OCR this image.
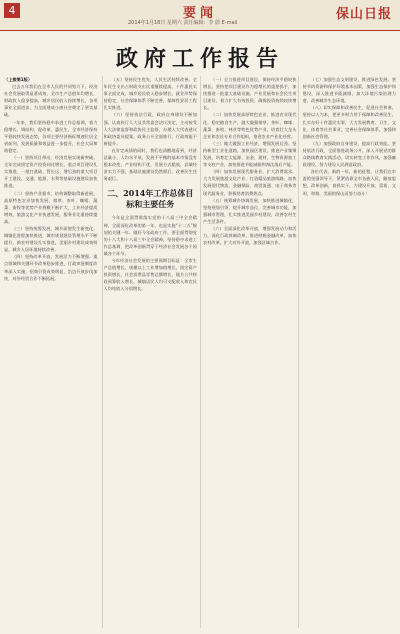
4	要闻
2014年1月18日 星期六 责任编辑：李 蔚 E-mail
保山日报
政府工作报告

（上接第1版）

过去五年我们在全市人民的共同努力下，经济社会发展取得显著成效，全市生产总值年均增长，财政收入稳步提高，城乡居民收入持续增长，各项事业全面进步，为全面建成小康社会奠定了坚实基础。

一年来，我们坚持稳中求进工作总基调，着力稳增长、调结构、促改革、惠民生，全市经济保持平稳较快发展态势，各项主要经济指标增速位居全省前列，发展质量和效益进一步提升，社会大局和谐稳定。

（一）坚持项目带动，经济发展实现新突破。全年完成固定资产投资同比增长，重点项目建设扎实推进，一批打基础、管长远、增后劲的重大项目开工建设，交通、能源、水利等基础设施建设加快推进。

（二）坚持产业强市，结构调整取得新进展。高原特色农业加快发展，烟草、茶叶、咖啡、蔬菜、畜牧等优势产业规模不断扩大，工业经济提质增效，旅游文化产业快速发展，服务业比重持续提高。

（三）坚持统筹发展，城乡面貌发生新变化。城镇化进程加快推进，城市规划建设管理水平不断提升，新农村建设扎实推进，美丽乡村建设成效明显，城乡人居环境持续改善。

（四）坚持改革开放，发展活力不断增强。重点领域和关键环节改革稳步推进，行政审批制度改革深入实施，招商引资成效明显，沿边开放步伐加快，对外经贸合作不断拓展。

（五）坚持民生优先，人民生活持续改善。全年民生支出占财政支出比重继续提高，十件惠民实事全面完成，城乡居民收入稳步增长，就业形势保持稳定，社会保障体系不断完善，保障性安居工程扎实推进。

（六）坚持依法行政，政府自身建设不断加强。认真执行人大及其常委会决议决定，主动接受人大法律监督和政协民主监督，办理人大代表建议和政协委员提案，政务公开全面推行，行政效能不断提升。

在肯定成绩的同时，我们也清醒地看到，经济总量小、人均水平低、发展不平衡的基本市情没有根本改变，产业结构不优，发展方式粗放，县域经济实力不强，基础设施建设仍然滞后，改善民生任务艰巨。

二、2014年工作总体目标和主要任务

今年是全面贯彻落实党的十八届三中全会精神、全面深化改革的第一年，也是实施“十二五”规划的关键一年。做好今年政府工作，要全面贯彻党的十八大和十八届三中全会精神，坚持稳中求进工作总基调，把改革创新贯穿于经济社会发展各个领域各个环节。

今年经济社会发展的主要预期目标是：全市生产总值增长，规模以上工业增加值增长，固定资产投资增长，社会消费品零售总额增长，地方公共财政预算收入增长，城镇居民人均可支配收入和农民人均纯收入分别增长。

（一）全力推进项目建设，保持经济平稳较快增长。坚持把项目建设作为稳增长的重要抓手，加快推进一批重大基础设施、产业发展和社会民生项目建设，着力扩大有效投资，确保投资持续较快增长。

（二）加快发展高原特色农业，推进农业现代化。稳定粮食生产，做大做强烟草、茶叶、咖啡、蔬菜、畜牧、林业等特色优势产业，培育壮大龙头企业和农民专业合作组织，推进农业产业化经营。

（三）做大做强工业经济，增强发展后劲。坚持新型工业化道路，加快园区建设，推进产业集聚发展，培育壮大能源、冶金、建材、生物资源加工等支柱产业，加快推进节能减排和淘汰落后产能。

（四）加快发展现代服务业，扩大消费需求。大力发展旅游文化产业，打造精品旅游线路，加快发展现代物流、金融保险、商贸流通、电子商务等现代服务业，积极培育消费热点。

（五）统筹城乡协调发展，加快推进城镇化。坚持规划引领，提升城市品位，完善城市功能，加强城市管理，扎实推进美丽乡村建设，改善农村生产生活条件。

（六）全面深化改革开放，增强发展动力和活力。深化行政体制改革，推进财税金融改革，加快农村改革，扩大对外开放，加强区域合作。

（七）加强生态文明建设，推进绿色发展。坚持节约资源和保护环境基本国策，加强生态保护和建设，深入推进节能减排，加大环境污染治理力度，改善城乡生态环境。

（八）切实保障和改善民生，促进社会和谐。坚持以人为本，把更多财力用于保障和改善民生，扎实办好十件惠民实事，大力发展教育、卫生、文化、体育等社会事业，完善社会保障体系，加强和创新社会管理。

（九）加强政府自身建设，提高行政效能。坚持依法行政，全面推进政务公开，深入开展党的群众路线教育实践活动，切实转变工作作风，加强廉政建设，努力建设人民满意政府。

各位代表，新的一年，新的征程。让我们在市委的坚强领导下，紧紧依靠全市各族人民，解放思想，改革创新，真抓实干，为建设开放、富裕、文明、和谐、美丽的保山而努力奋斗！
